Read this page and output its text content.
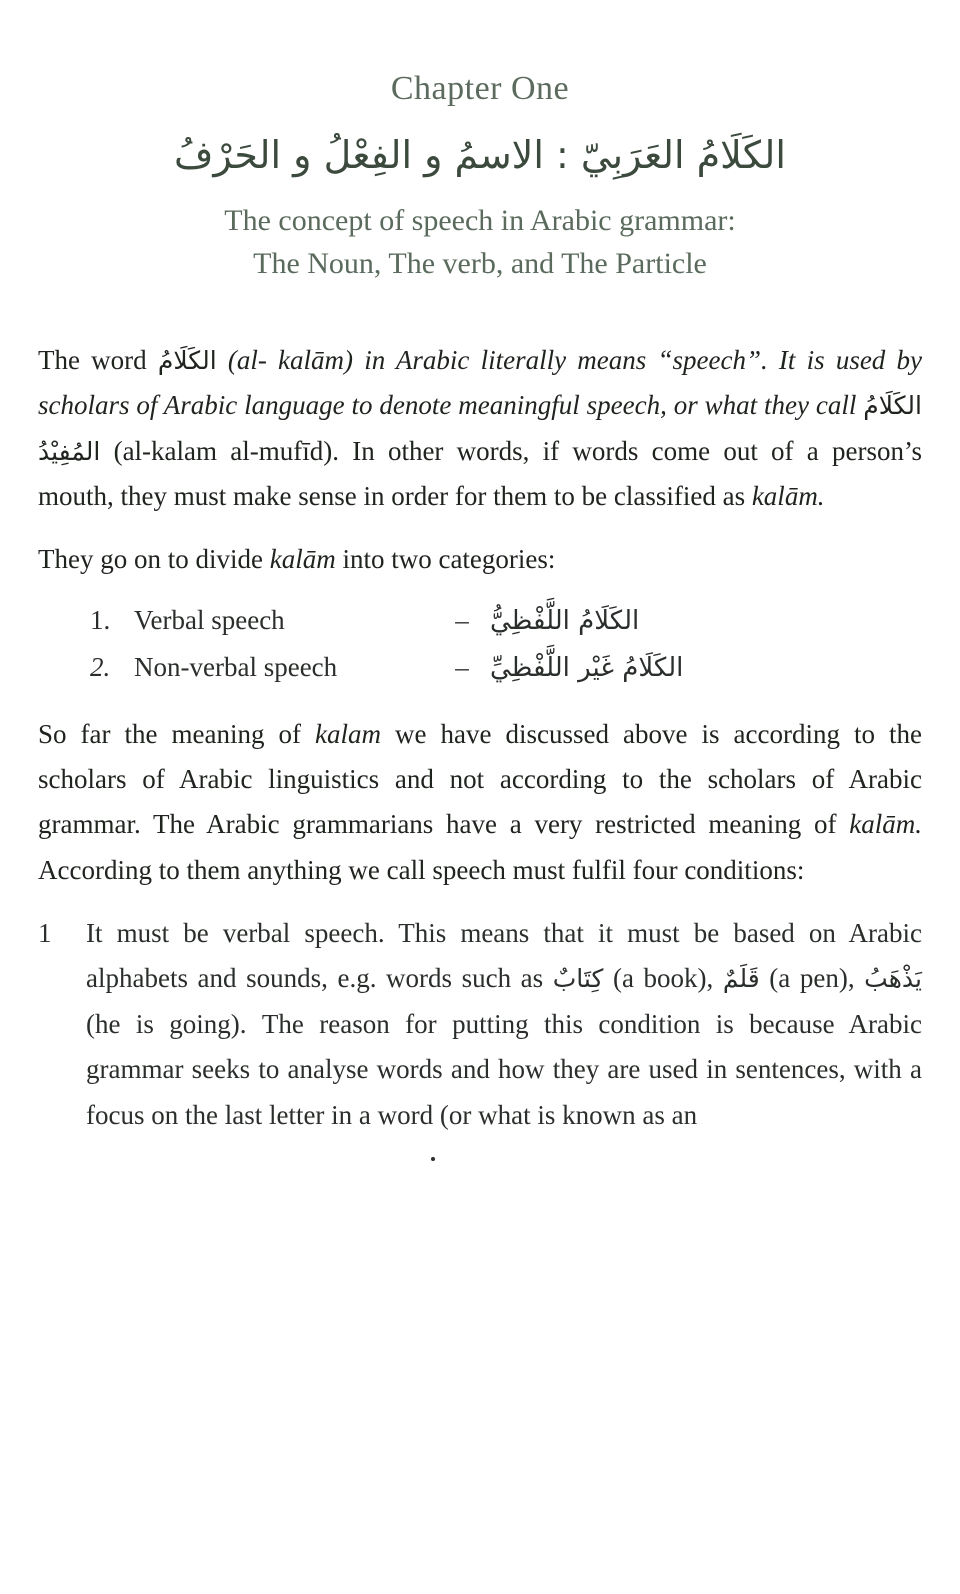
Chapter One
الكَلَامُ العَرَبِيّ : الاسمُ و الفِعْلُ و الحَرْفُ
The concept of speech in Arabic grammar:
The Noun, The verb, and The Particle

The word الكَلَامُ (al- kalām) in Arabic literally means “speech”. It is used by scholars of Arabic language to denote meaningful speech, or what they call الكَلَامُ المُفِيْدُ (al-kalam al-mufīd). In other words, if words come out of a person’s mouth, they must make sense in order for them to be classified as kalām.

They go on to divide kalām into two categories:

1. Verbal speech	– الكَلَامُ اللَّفْظِيُّ
2. Non-verbal speech	– الكَلَامُ غَيْر اللَّفْظِيِّ

So far the meaning of kalam we have discussed above is according to the scholars of Arabic linguistics and not according to the scholars of Arabic grammar. The Arabic grammarians have a very restricted meaning of kalām. According to them anything we call speech must fulfil four conditions:

1	It must be verbal speech. This means that it must be based on Arabic alphabets and sounds, e.g. words such as كِتَابٌ (a book), قَلَمٌ (a pen), يَذْهَبُ (he is going). The reason for putting this condition is because Arabic grammar seeks to analyse words and how they are used in sentences, with a focus on the last letter in a word (or what is known as an
